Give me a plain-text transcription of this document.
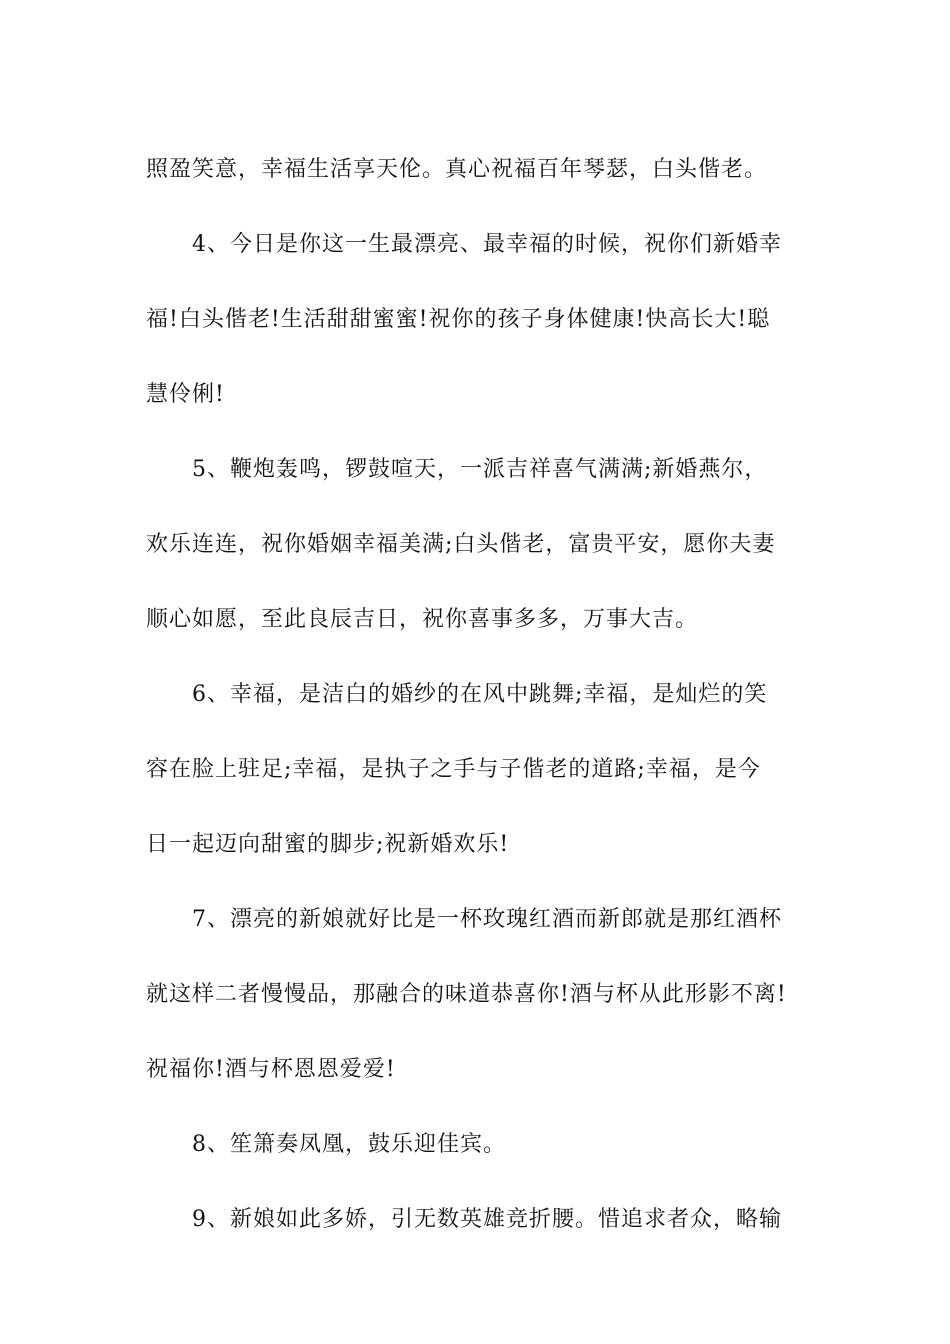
照盈笑意，幸福生活享天伦。真心祝福百年琴瑟，白头偕老。

4、今日是你这一生最漂亮、最幸福的时候，祝你们新婚幸
福!白头偕老!生活甜甜蜜蜜!祝你的孩子身体健康!快高长大!聪
慧伶俐!

5、鞭炮轰鸣，锣鼓喧天，一派吉祥喜气满满;新婚燕尔，
欢乐连连，祝你婚姻幸福美满;白头偕老，富贵平安，愿你夫妻
顺心如愿，至此良辰吉日，祝你喜事多多，万事大吉。

6、幸福，是洁白的婚纱的在风中跳舞;幸福，是灿烂的笑
容在脸上驻足;幸福，是执子之手与子偕老的道路;幸福，是今
日一起迈向甜蜜的脚步;祝新婚欢乐!

7、漂亮的新娘就好比是一杯玫瑰红酒而新郎就是那红酒杯
就这样二者慢慢品，那融合的味道恭喜你!酒与杯从此形影不离!
祝福你!酒与杯恩恩爱爱!

8、笙箫奏凤凰，鼓乐迎佳宾。

9、新娘如此多娇，引无数英雄竞折腰。惜追求者众，略输
